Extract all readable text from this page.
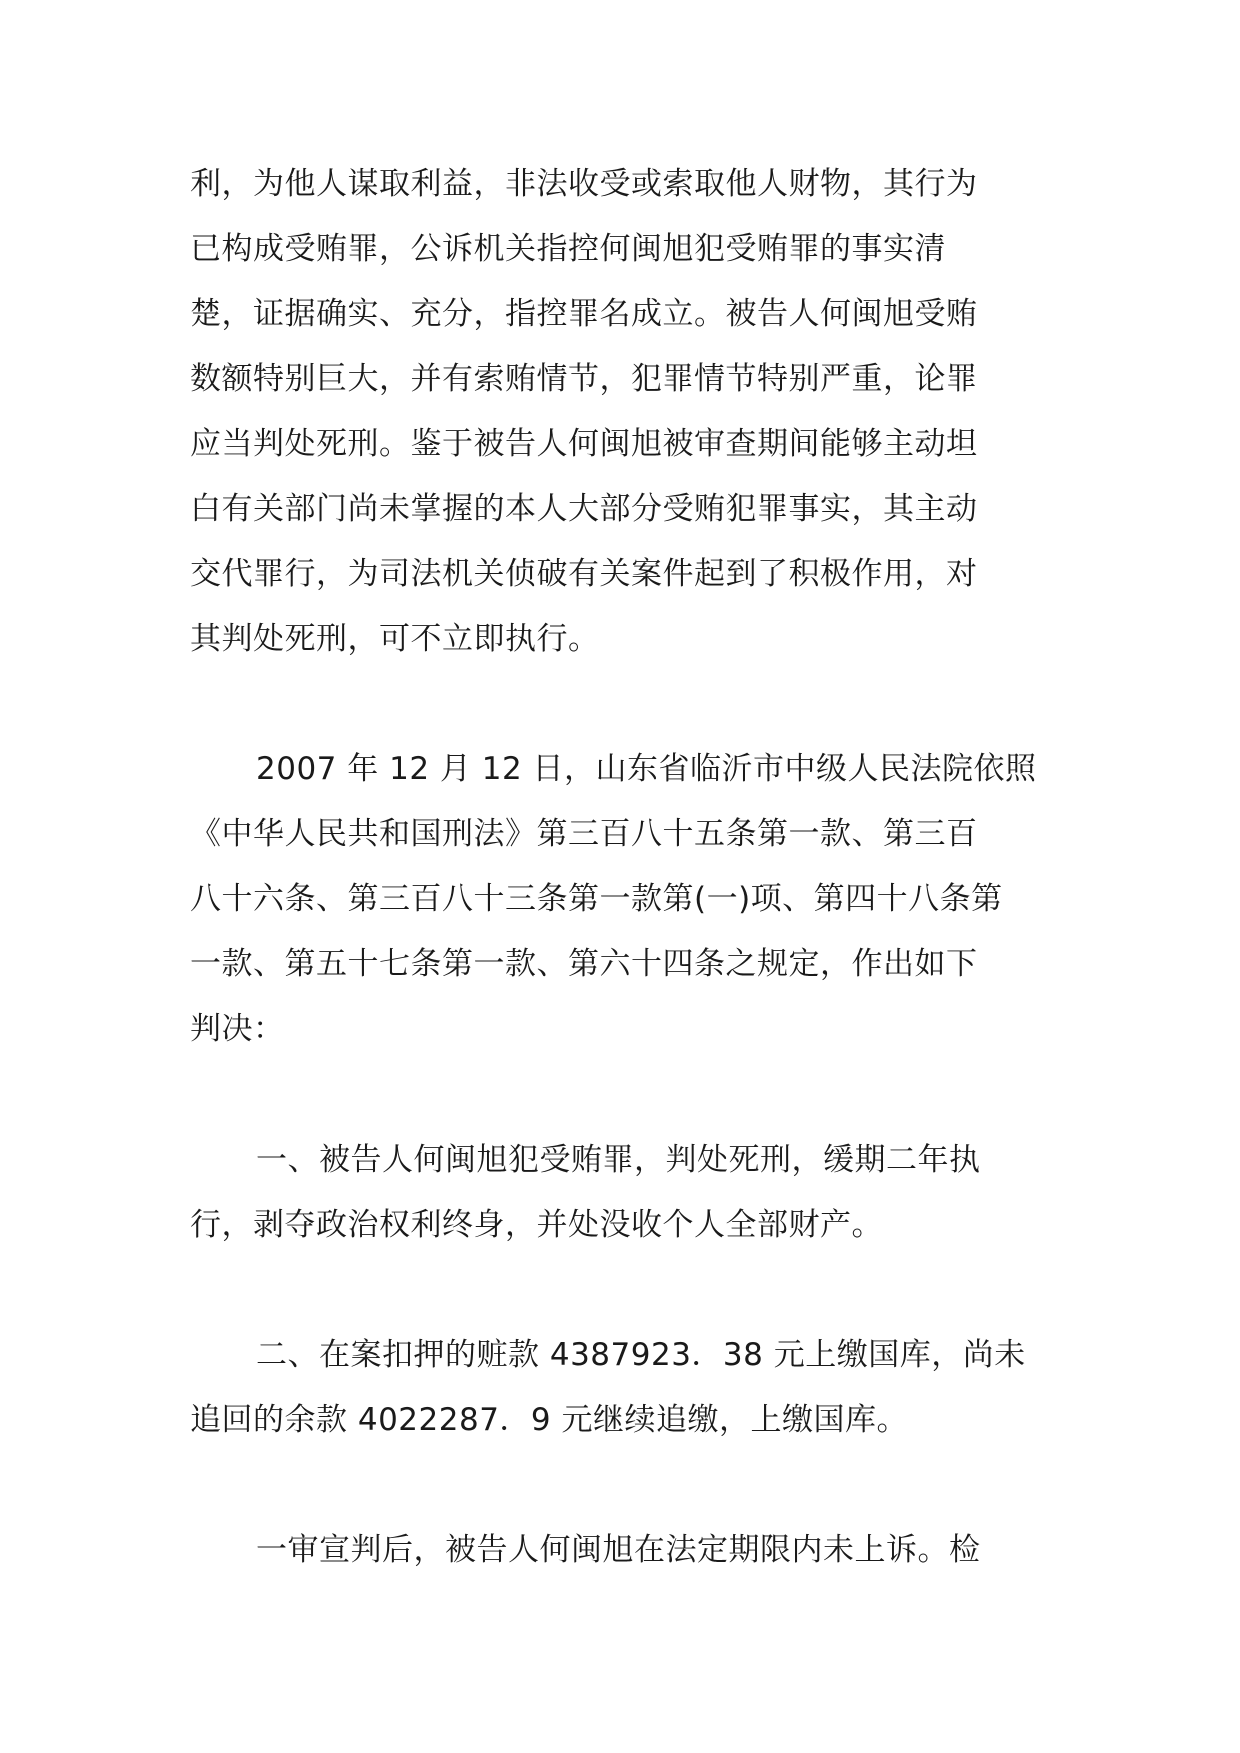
利，为他人谋取利益，非法收受或索取他人财物，其行为
已构成受贿罪，公诉机关指控何闽旭犯受贿罪的事实清
楚，证据确实、充分，指控罪名成立。被告人何闽旭受贿
数额特别巨大，并有索贿情节，犯罪情节特别严重，论罪
应当判处死刑。鉴于被告人何闽旭被审查期间能够主动坦
白有关部门尚未掌握的本人大部分受贿犯罪事实，其主动
交代罪行，为司法机关侦破有关案件起到了积极作用，对
其判处死刑，可不立即执行。
2007 年 12 月 12 日，山东省临沂市中级人民法院依照
《中华人民共和国刑法》第三百八十五条第一款、第三百
八十六条、第三百八十三条第一款第(一)项、第四十八条第
一款、第五十七条第一款、第六十四条之规定，作出如下
判决：
一、被告人何闽旭犯受贿罪，判处死刑，缓期二年执
行，剥夺政治权利终身，并处没收个人全部财产。
二、在案扣押的赃款 4387923．38 元上缴国库，尚未
追回的余款 4022287．9 元继续追缴，上缴国库。
一审宣判后，被告人何闽旭在法定期限内未上诉。检
